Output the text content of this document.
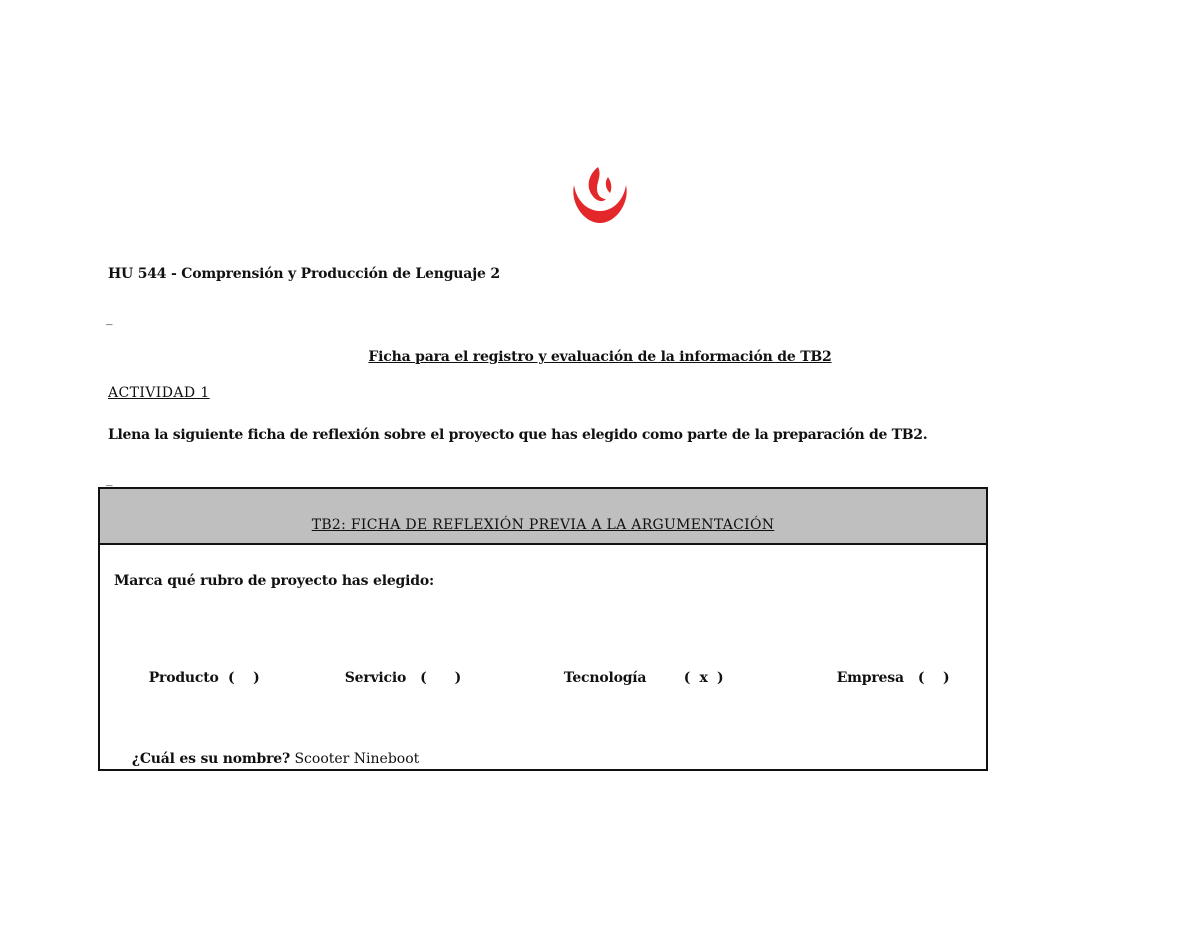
HU 544 - Comprensión y Producción de Lenguaje 2
_
Ficha para el registro y evaluación de la información de TB2
ACTIVIDAD 1
Llena la siguiente ficha de reflexión sobre el proyecto que has elegido como parte de la preparación de TB2.
_
TB2: FICHA DE REFLEXIÓN PREVIA A LA ARGUMENTACIÓN
Marca qué rubro de proyecto has elegido:

Producto (    )
	Servicio (      )
	Tecnología	(  x  )
	Empresa (    )

¿Cuál es su nombre? Scooter Nineboot
